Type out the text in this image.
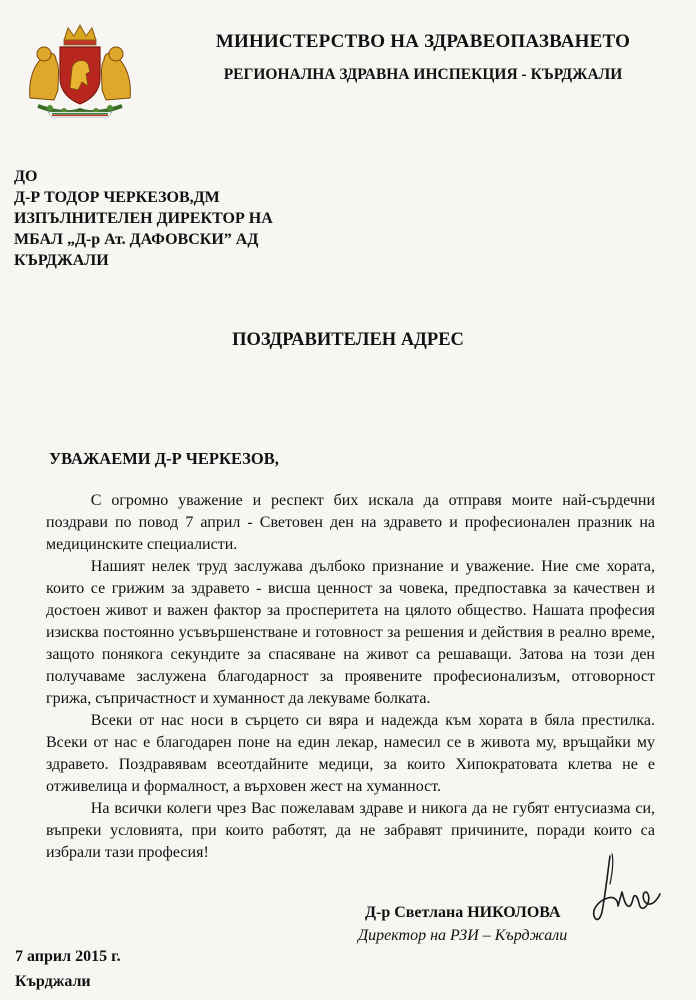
МИНИСТЕРСТВО НА ЗДРАВЕОПАЗВАНЕТО
РЕГИОНАЛНА ЗДРАВНА ИНСПЕКЦИЯ - КЪРДЖАЛИ
ДО
Д-Р ТОДОР ЧЕРКЕЗОВ,ДМ
ИЗПЪЛНИТЕЛЕН ДИРЕКТОР НА
МБАЛ „Д-р Ат. ДАФОВСКИ” АД
КЪРДЖАЛИ
ПОЗДРАВИТЕЛЕН АДРЕС
УВАЖАЕМИ Д-Р ЧЕРКЕЗОВ,

С огромно уважение и респект бих искала да отправя моите най-сърдечни поздрави по повод 7 април - Световен ден на здравето и професионален празник на медицинските специалисти.

Нашият нелек труд заслужава дълбоко признание и уважение. Ние сме хората, които се грижим за здравето - висша ценност за човека, предпоставка за качествен и достоен живот и важен фактор за просперитета на цялото общество. Нашата професия изисква постоянно усъвършенстване и готовност за решения и действия в реално време, защото понякога секундите за спасяване на живот са решаващи. Затова на този ден получаваме заслужена благодарност за проявените професионализъм, отговорност грижа, съпричастност и хуманност да лекуваме болката.

Всеки от нас носи в сърцето си вяра и надежда към хората в бяла престилка. Всеки от нас е благодарен поне на един лекар, намесил се в живота му, връщайки му здравето. Поздравявам всеотдайните медици, за които Хипократовата клетва не е отживелица и формалност, а върховен жест на хуманност.

На всички колеги чрез Вас пожелавам здраве и никога да не губят ентусиазма си, въпреки условията, при които работят, да не забравят причините, поради които са избрали тази професия!

Д-р Светлана НИКОЛОВА
Директор на РЗИ – Кърджали
7 април 2015 г.
Кърджали
